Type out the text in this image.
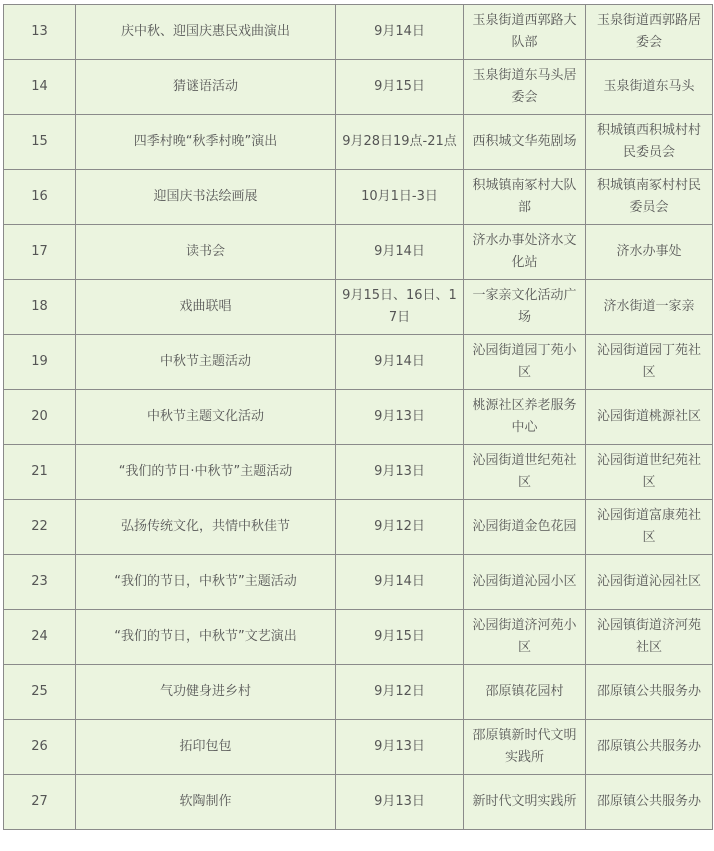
13	庆中秋、迎国庆惠民戏曲演出	9月14日	玉泉街道西郭路大队部	玉泉街道西郭路居委会
14	猜谜语活动	9月15日	玉泉街道东马头居委会	玉泉街道东马头
15	四季村晚“秋季村晚”演出	9月28日19点-21点	西积城文华苑剧场	积城镇西积城村村民委员会
16	迎国庆书法绘画展	10月1日-3日	积城镇南冢村大队部	积城镇南冢村村民委员会
17	读书会	9月14日	济水办事处济水文化站	济水办事处
18	戏曲联唱	9月15日、16日、17日	一家亲文化活动广场	济水街道一家亲
19	中秋节主题活动	9月14日	沁园街道园丁苑小区	沁园街道园丁苑社区
20	中秋节主题文化活动	9月13日	桃源社区养老服务中心	沁园街道桃源社区
21	“我们的节日·中秋节”主题活动	9月13日	沁园街道世纪苑社区	沁园街道世纪苑社区
22	弘扬传统文化，共情中秋佳节	9月12日	沁园街道金色花园	沁园街道富康苑社区
23	“我们的节日，中秋节”主题活动	9月14日	沁园街道沁园小区	沁园街道沁园社区
24	“我们的节日，中秋节”文艺演出	9月15日	沁园街道济河苑小区	沁园镇街道济河苑社区
25	气功健身进乡村	9月12日	邵原镇花园村	邵原镇公共服务办
26	拓印包包	9月13日	邵原镇新时代文明实践所	邵原镇公共服务办
27	软陶制作	9月13日	新时代文明实践所	邵原镇公共服务办
